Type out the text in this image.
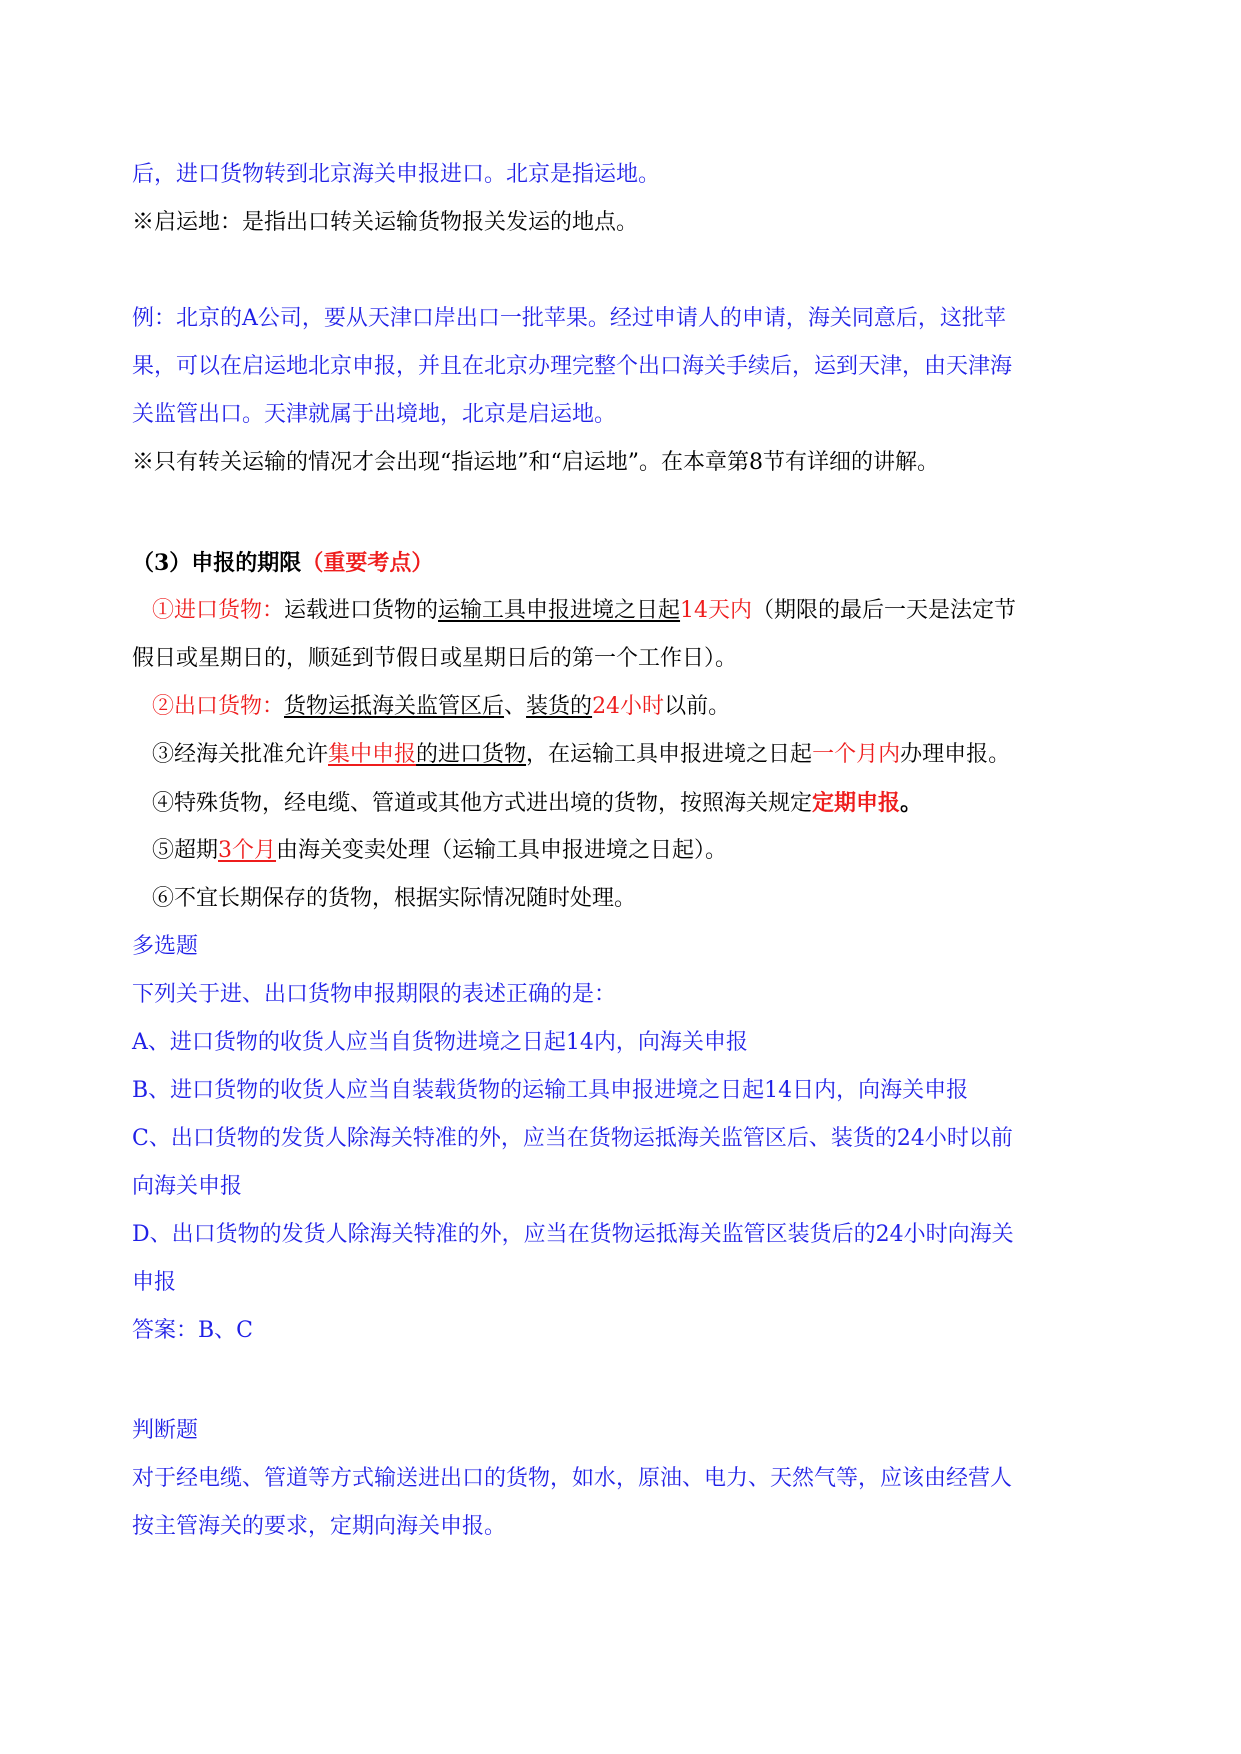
后，进口货物转到北京海关申报进口。北京是指运地。
※启运地：是指出口转关运输货物报关发运的地点。
例：北京的A公司，要从天津口岸出口一批苹果。经过申请人的申请，海关同意后，这批苹
果，可以在启运地北京申报，并且在北京办理完整个出口海关手续后，运到天津，由天津海
关监管出口。天津就属于出境地，北京是启运地。
※只有转关运输的情况才会出现“指运地”和“启运地”。在本章第8节有详细的讲解。
（3）申报的期限（重要考点）
①进口货物：运载进口货物的运输工具申报进境之日起14天内（期限的最后一天是法定节
假日或星期日的，顺延到节假日或星期日后的第一个工作日）。
②出口货物：货物运抵海关监管区后、装货的24小时以前。
③经海关批准允许集中申报的进口货物，在运输工具申报进境之日起一个月内办理申报。
④特殊货物，经电缆、管道或其他方式进出境的货物，按照海关规定定期申报。
⑤超期3个月由海关变卖处理（运输工具申报进境之日起）。
⑥不宜长期保存的货物，根据实际情况随时处理。
多选题
下列关于进、出口货物申报期限的表述正确的是：
A、进口货物的收货人应当自货物进境之日起14内，向海关申报
B、进口货物的收货人应当自装载货物的运输工具申报进境之日起14日内，向海关申报
C、出口货物的发货人除海关特准的外，应当在货物运抵海关监管区后、装货的24小时以前
向海关申报
D、出口货物的发货人除海关特准的外，应当在货物运抵海关监管区装货后的24小时向海关
申报
答案：B、C
判断题
对于经电缆、管道等方式输送进出口的货物，如水，原油、电力、天然气等，应该由经营人
按主管海关的要求，定期向海关申报。
